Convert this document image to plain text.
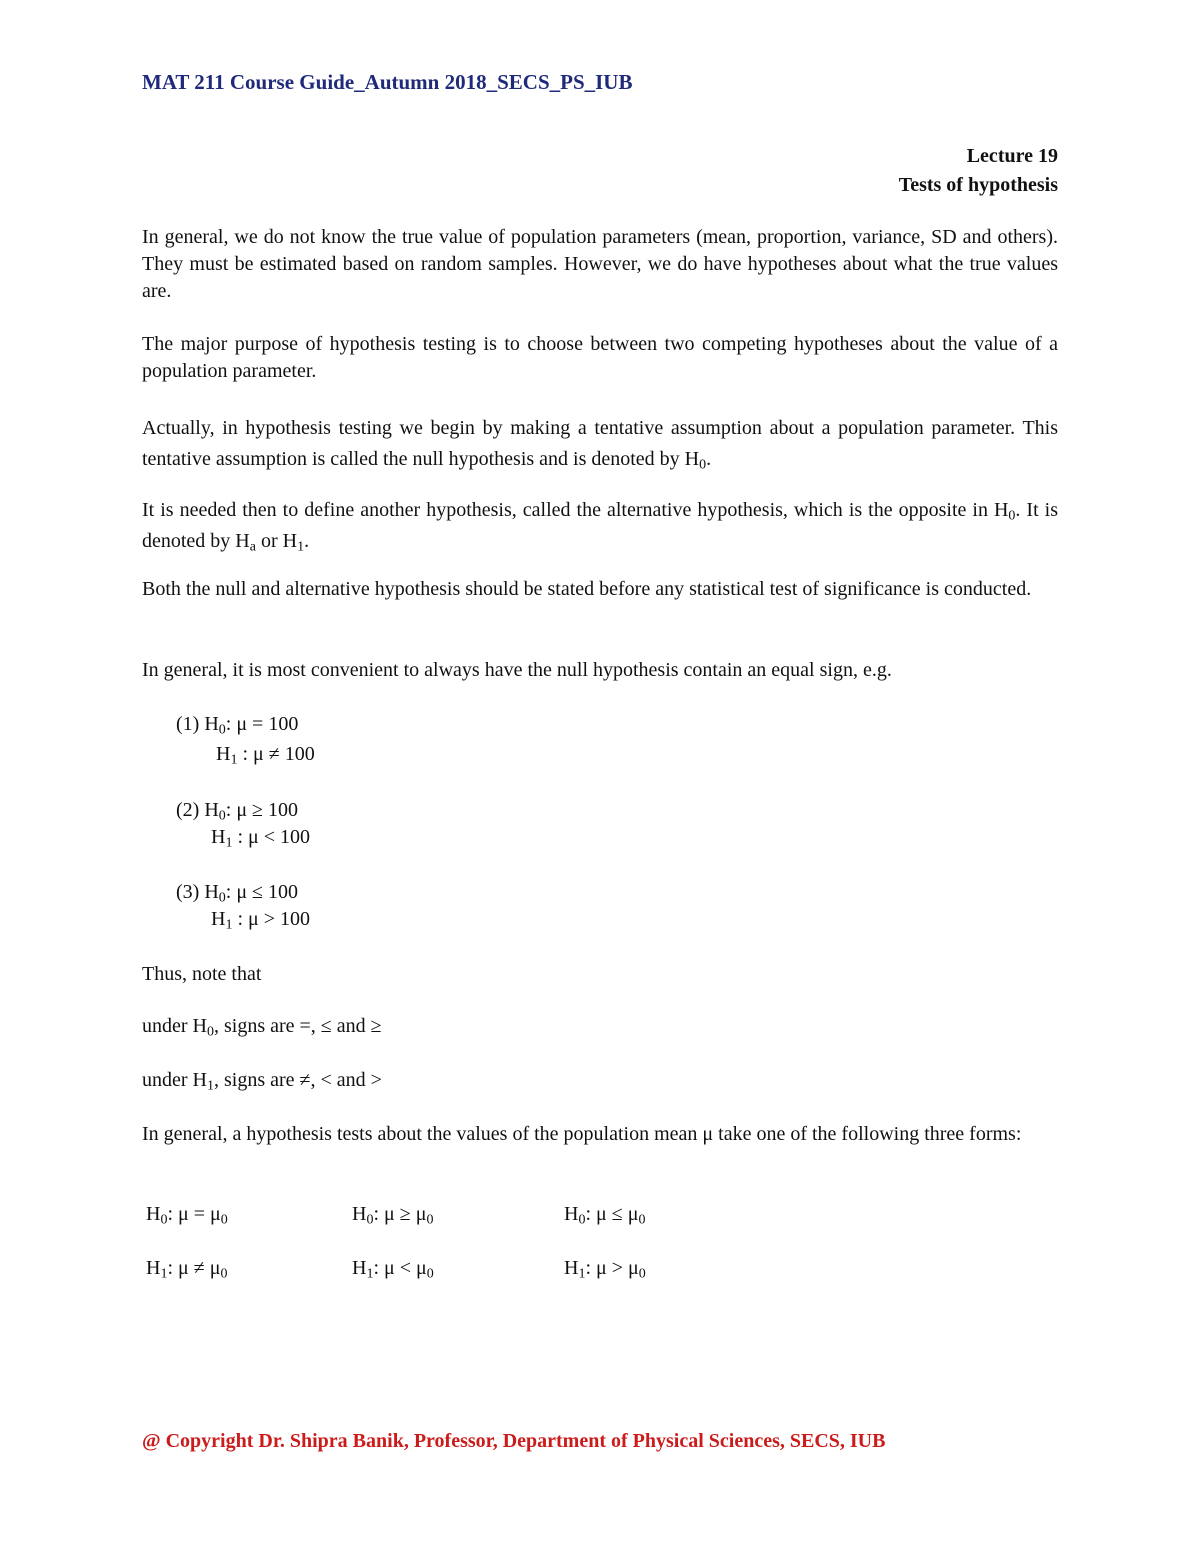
MAT 211 Course Guide_Autumn 2018_SECS_PS_IUB
Lecture 19
Tests of hypothesis
In general, we do not know the true value of population parameters (mean, proportion, variance, SD and others). They must be estimated based on random samples. However, we do have hypotheses about what the true values are.
The major purpose of hypothesis testing is to choose between two competing hypotheses about the value of a population parameter.
Actually, in hypothesis testing we begin by making a tentative assumption about a population parameter. This tentative assumption is called the null hypothesis and is denoted by $H_0$.
It is needed then to define another hypothesis, called the alternative hypothesis, which is the opposite in $H_0$. It is denoted by $H_a$ or $H_1$.
Both the null and alternative hypothesis should be stated before any statistical test of significance is conducted.
In general, it is most convenient to always have the null hypothesis contain an equal sign, e.g.
(1) $H_0$: μ = 100
$H_1$ : μ ≠ 100
(2) $H_0$: μ ≥ 100
$H_1$ : μ < 100
(3) $H_0$: μ ≤ 100
$H_1$ : μ > 100
Thus, note that
under $H_0$, signs are =, ≤ and ≥
under $H_1$, signs are ≠, < and >
In general, a hypothesis tests about the values of the population mean μ take one of the following three forms:
$H_0$: $\mu = \mu_0$	$H_0$: $\mu \ge \mu_0$	$H_0$: $\mu \le \mu_0$
$H_1$: $\mu \ne \mu_0$	$H_1$: $\mu < \mu_0$	$H_1$: $\mu > \mu_0$
@ Copyright Dr. Shipra Banik, Professor, Department of Physical Sciences, SECS, IUB
